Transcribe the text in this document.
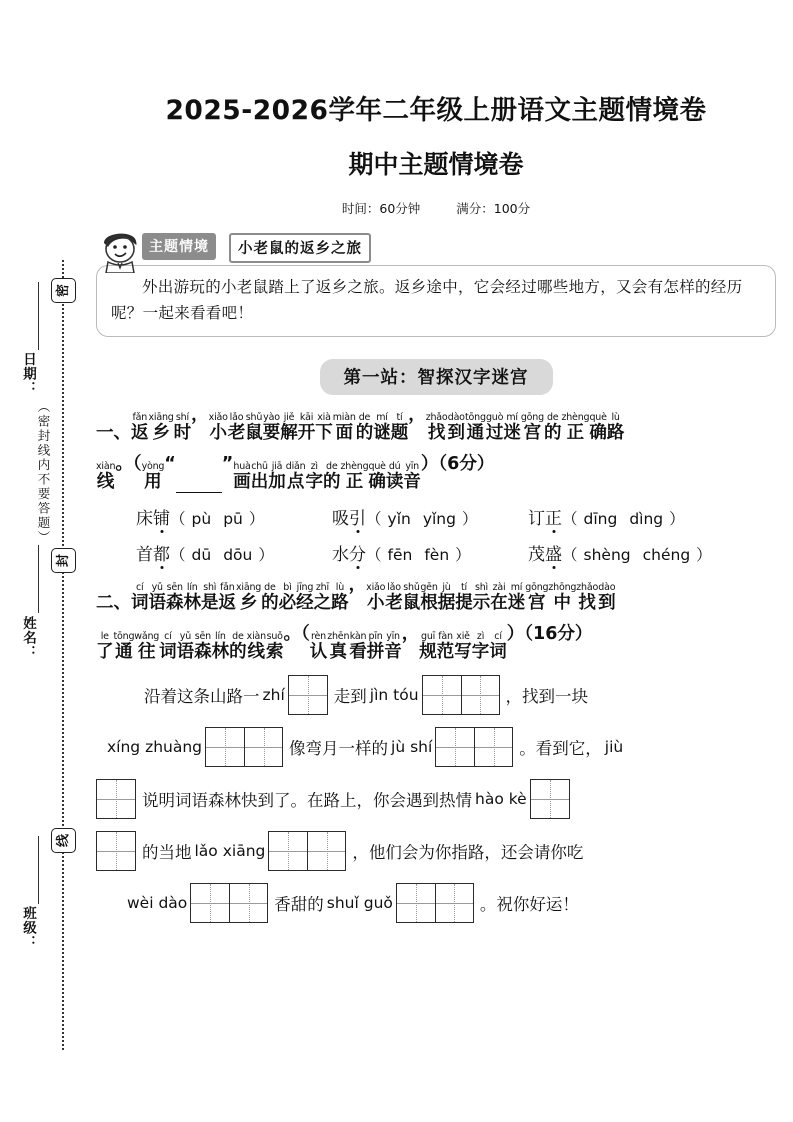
密
封
线
（密封线内不要答题）
日期：
姓名：
班级：
2025-2026学年二年级上册语文主题情境卷
期中主题情境卷
时间：60分钟	满分：100分
主题情境	小老鼠的返乡之旅

外出游玩的小老鼠踏上了返乡之旅。返乡途中，它会经过哪些地方，又会有怎样的经历呢？一起来看看吧！

第一站：智探汉字迷宫
一、
fǎn
返
xiāng
乡
shí
时
， xiǎo
小
lǎo
老
shǔ
鼠
yào
要
jiě
解
kāi
开
xià
下
miàn
面
de
的
mí
谜
tí
题
， zhǎo
找
dào
到
tōng
通
guò
过
mí
迷
gōng
宫
de
的
zhèng
正
què
确
lù
路
xiàn
线
。（ yòng
用
“	” huà
画
chū
出
jiā
加
diǎn
点
zì
字
de
的
zhèng
正
què
确
dú
读
yīn
音
）（6分）
床铺（ pù pū ）	吸引（ yǐn yǐng ）	订正（ dīng dìng ）
首都（ dū dōu ）	水分（ fēn fèn ）	茂盛（ shèng chéng ）
二、
cí
词
yǔ
语
sēn
森
lín
林
shì
是
fǎn
返
xiāng
乡
de
的
bì
必
jīng
经
zhī
之
lù
路
， xiǎo
小
lǎo
老
shǔ
鼠
gēn
根
jù
据
tí
提
shì
示
zài
在
mí
迷
gōng
宫
zhōng
中
zhǎo
找
dào
到
le
了
tōng
通
wǎng
往
cí
词
yǔ
语
sēn
森
lín
林
de
的
xiàn
线
suǒ
索
。（ rèn
认
zhēn
真
kàn
看
pīn
拼
yīn
音
， guī
规
fàn
范
xiě
写
zì
字
cí
词
）（16分）
沿着这条山路一 zhí	走到 jìn tóu	，找到一块
xíng zhuàng	像弯月一样的 jù shí	。看到它， jiù
说明词语森林快到了。在路上，你会遇到热情 hào kè
的当地 lǎo xiāng	，他们会为你指路，还会请你吃
wèi dào	香甜的 shuǐ guǒ	。祝你好运！
